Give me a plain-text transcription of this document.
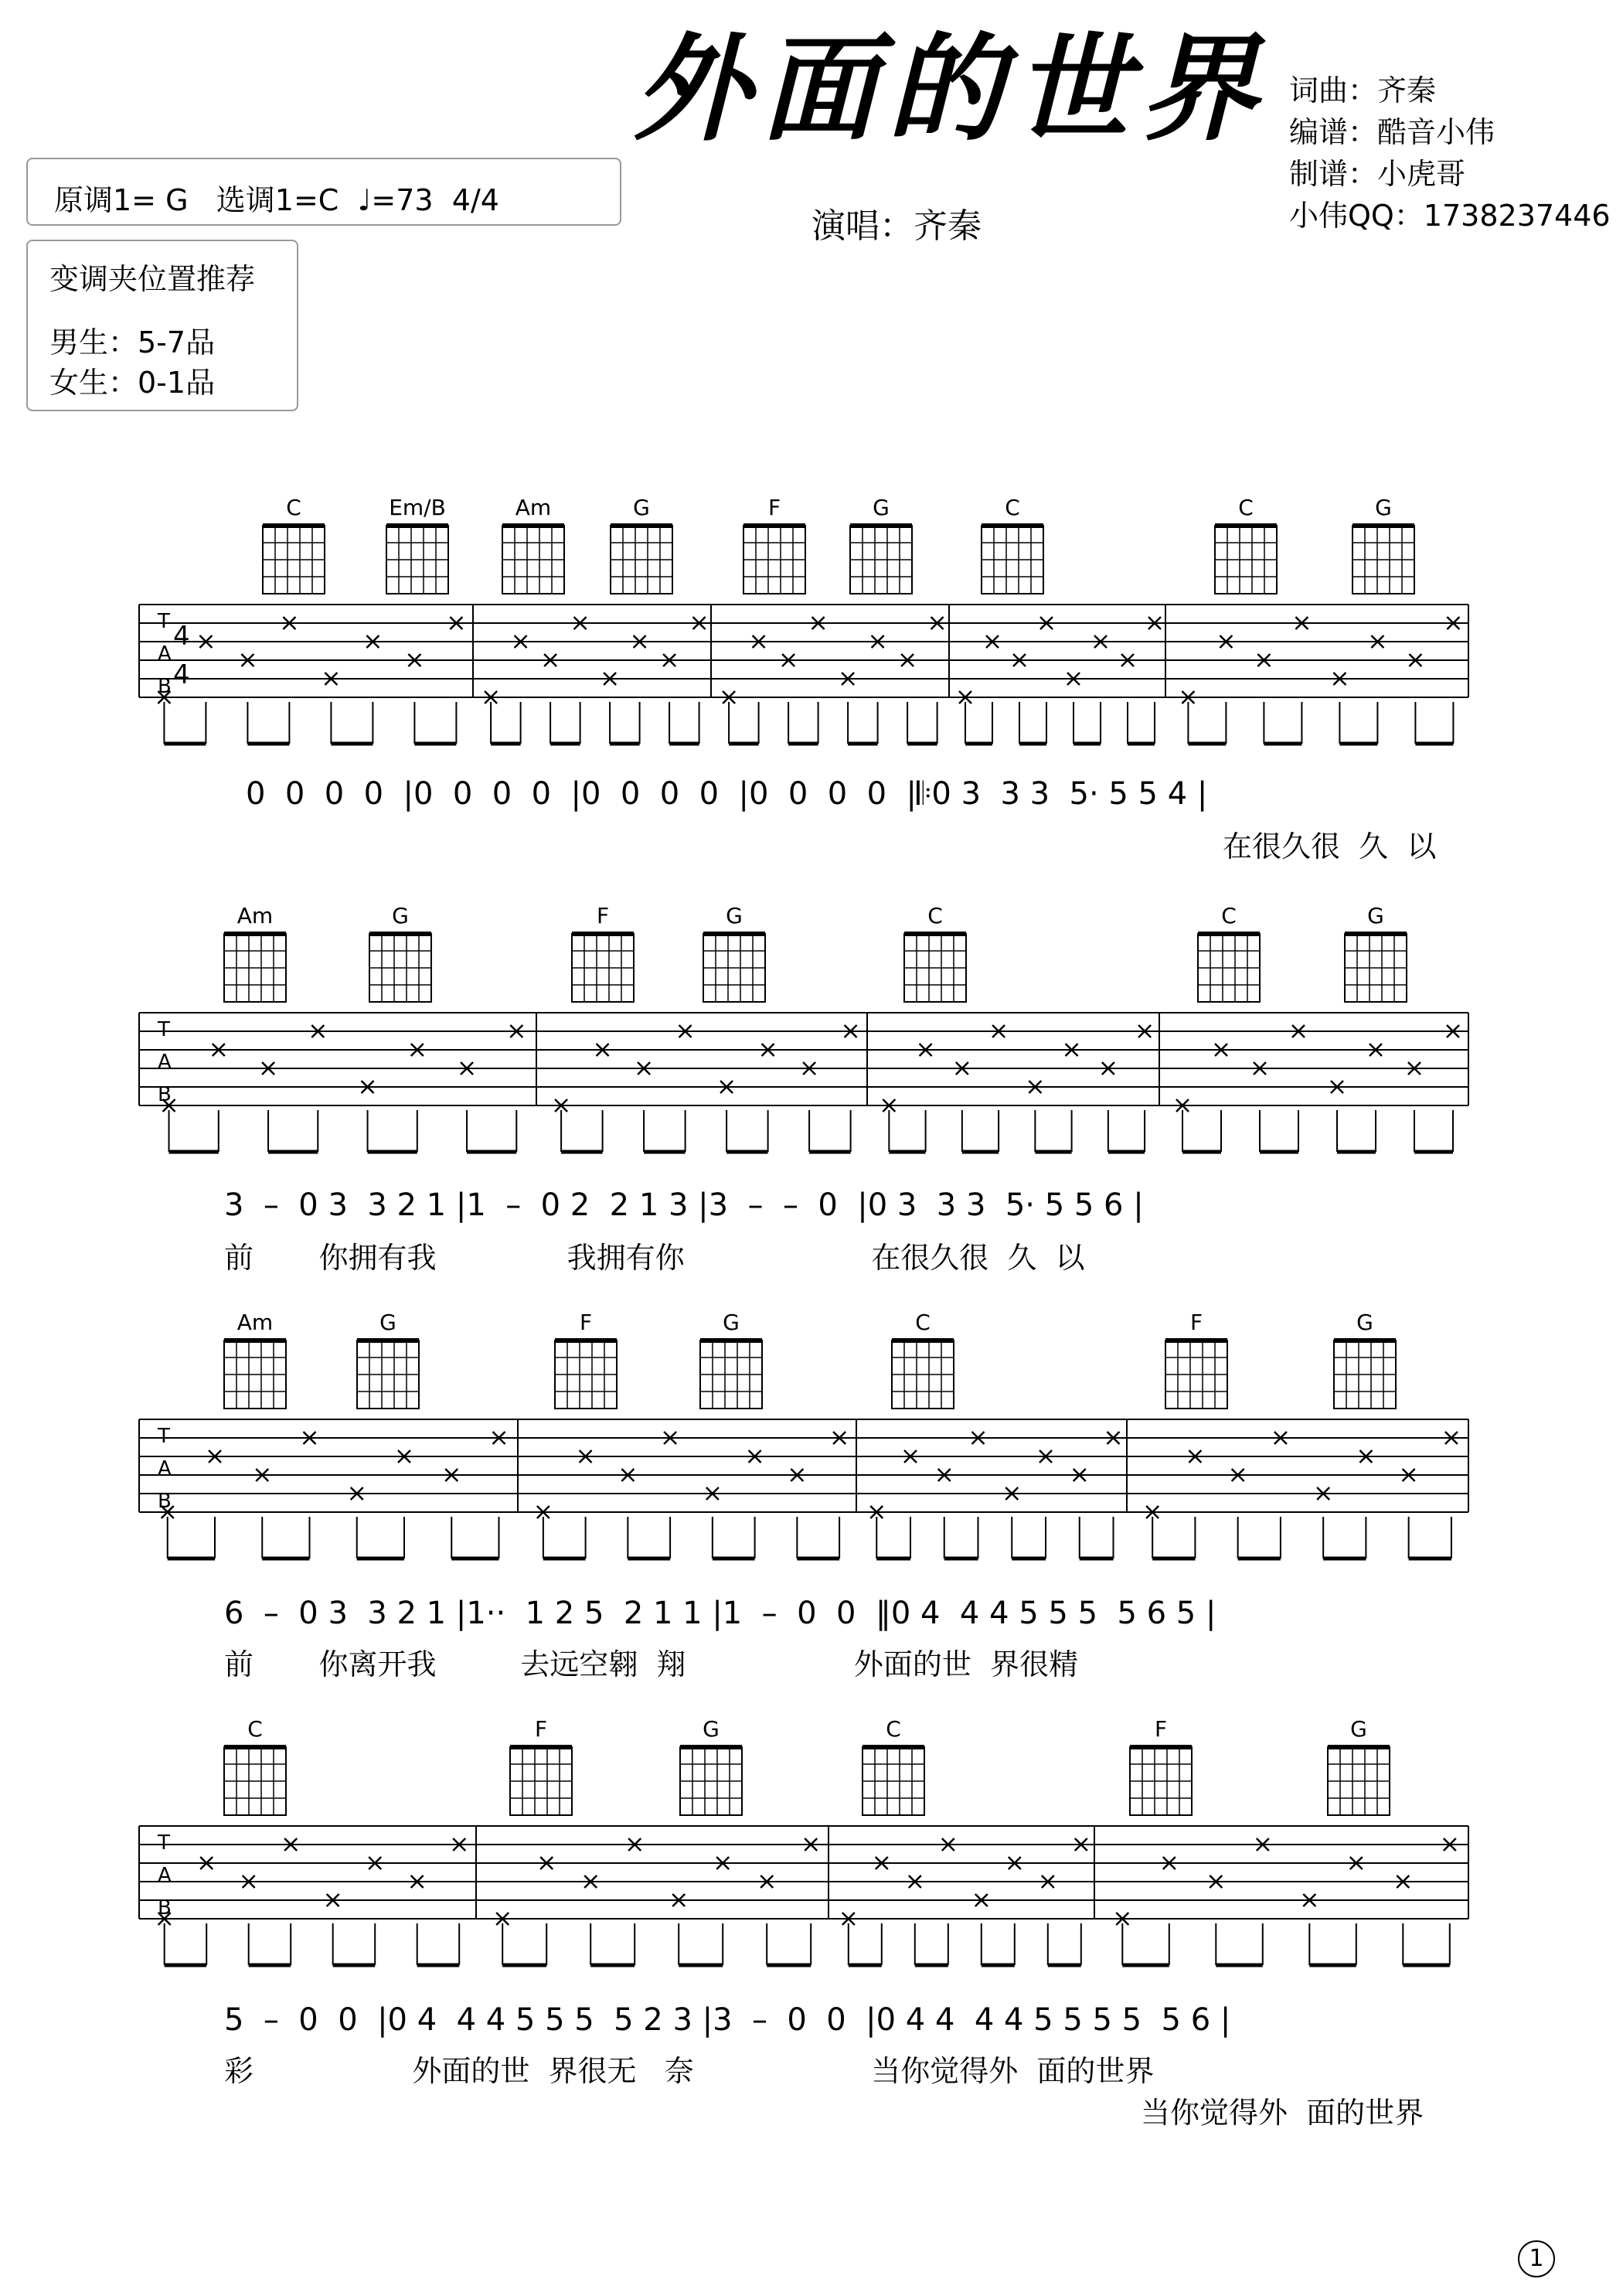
外面的世界 词曲：齐秦
编谱：酷音小伟
制谱：小虎哥
小伟QQ：1738237446
原调1= G   选调1=C  ♩=73  4/4
变调夹位置推荐
男生：5-7品
女生：0-1品
演唱：齐秦
T
A
B
4
4
C	Em/B	Am	G	F	G	C	C	G
T
A
B
Am	G	F	G	C	C	G
T
A
B
Am	G	F	G	C	F	G
T
A
B
C	F	G	C	F	G
0  0  0  0  |0  0  0  0  |0  0  0  0  |0  0  0  0  |𝄆0 3  3 3  5· 5 5 4 |
在很久很  久  以
3  –  0 3  3 2 1 |1  –  0 2  2 1 3 |3  –  –  0  |0 3  3 3  5· 5 5 6 |
前       你拥有我              我拥有你                    在很久很  久  以
6  –  0 3  3 2 1 |1··  1 2 5  2 1 1 |1  –  0  0  ‖0 4  4 4 5 5 5  5 6 5 |
前       你离开我         去远空翱  翔                  外面的世  界很精
5  –  0  0  |0 4  4 4 5 5 5  5 2 3 |3  –  0  0  |0 4 4  4 4 5 5 5 5  5 6 |
彩                 外面的世  界很无   奈                   当你觉得外  面的世界
当你觉得外  面的世界
1
